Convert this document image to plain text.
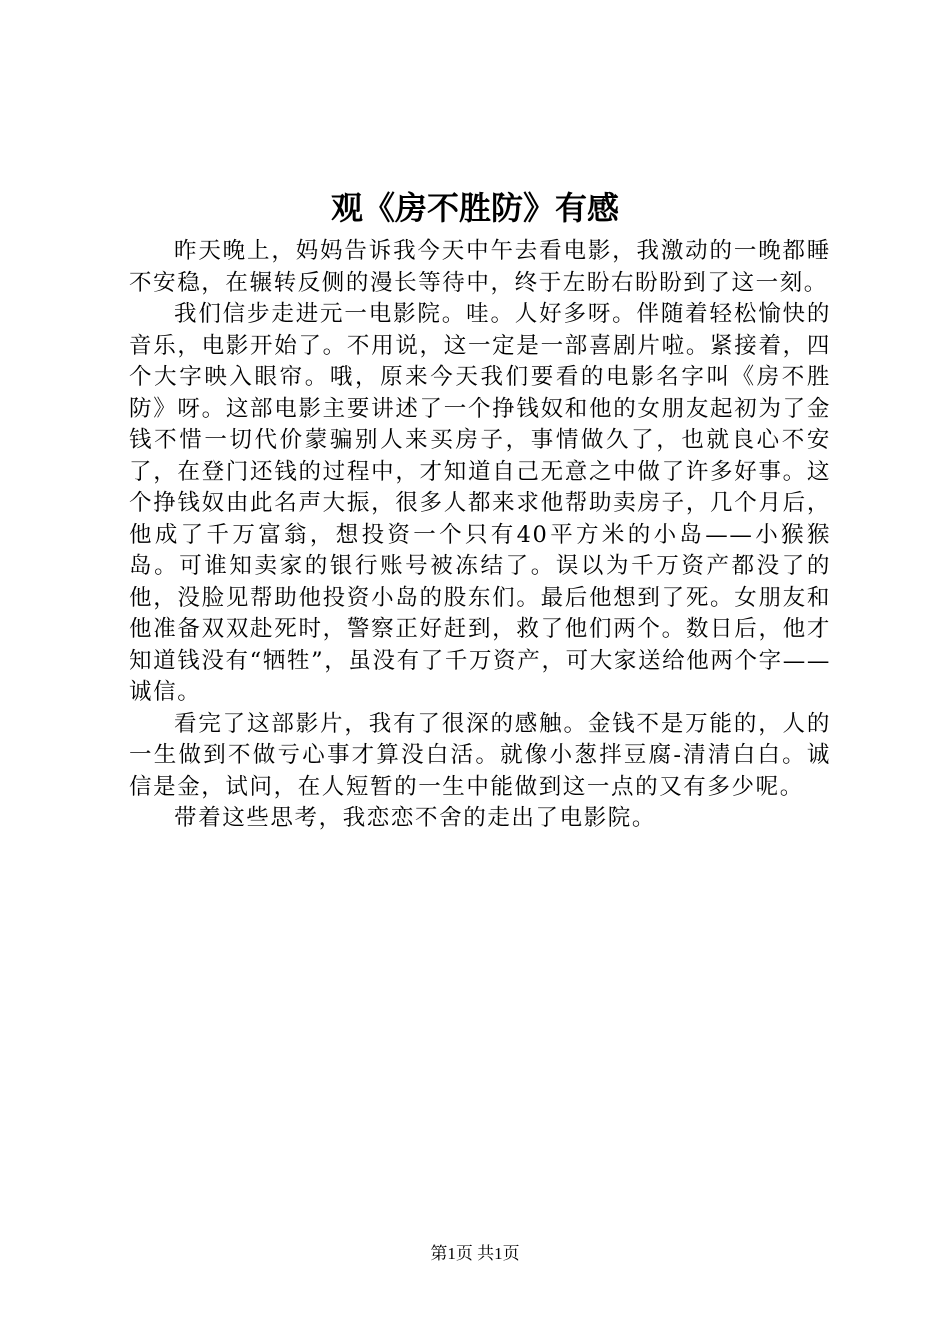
观《房不胜防》有感

昨天晚上，妈妈告诉我今天中午去看电影，我激动的一晚都睡不安稳，在辗转反侧的漫长等待中，终于左盼右盼盼到了这一刻。

我们信步走进元一电影院。哇。人好多呀。伴随着轻松愉快的音乐，电影开始了。不用说，这一定是一部喜剧片啦。紧接着，四个大字映入眼帘。哦，原来今天我们要看的电影名字叫《房不胜防》呀。这部电影主要讲述了一个挣钱奴和他的女朋友起初为了金钱不惜一切代价蒙骗别人来买房子，事情做久了，也就良心不安了，在登门还钱的过程中，才知道自己无意之中做了许多好事。这个挣钱奴由此名声大振，很多人都来求他帮助卖房子，几个月后，他成了千万富翁，想投资一个只有40平方米的小岛——小猴猴岛。可谁知卖家的银行账号被冻结了。误以为千万资产都没了的他，没脸见帮助他投资小岛的股东们。最后他想到了死。女朋友和他准备双双赴死时，警察正好赶到，救了他们两个。数日后，他才知道钱没有“牺牲”，虽没有了千万资产，可大家送给他两个字——诚信。

看完了这部影片，我有了很深的感触。金钱不是万能的，人的一生做到不做亏心事才算没白活。就像小葱拌豆腐-清清白白。诚信是金，试问，在人短暂的一生中能做到这一点的又有多少呢。

带着这些思考，我恋恋不舍的走出了电影院。

第1页 共1页
